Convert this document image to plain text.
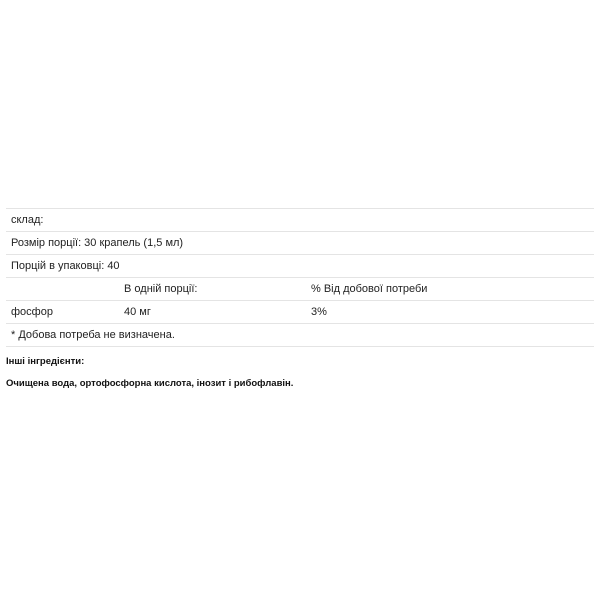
склад:		
Розмір порції: 30 крапель (1,5 мл)		
Порцій в упаковці: 40		
	В одній порції:	% Від добової потреби
фосфор	40 мг	3%
* Добова потреба не визначена.		
Інші інгредієнти:
Очищена вода, ортофосфорна кислота, інозит і рибофлавін.
